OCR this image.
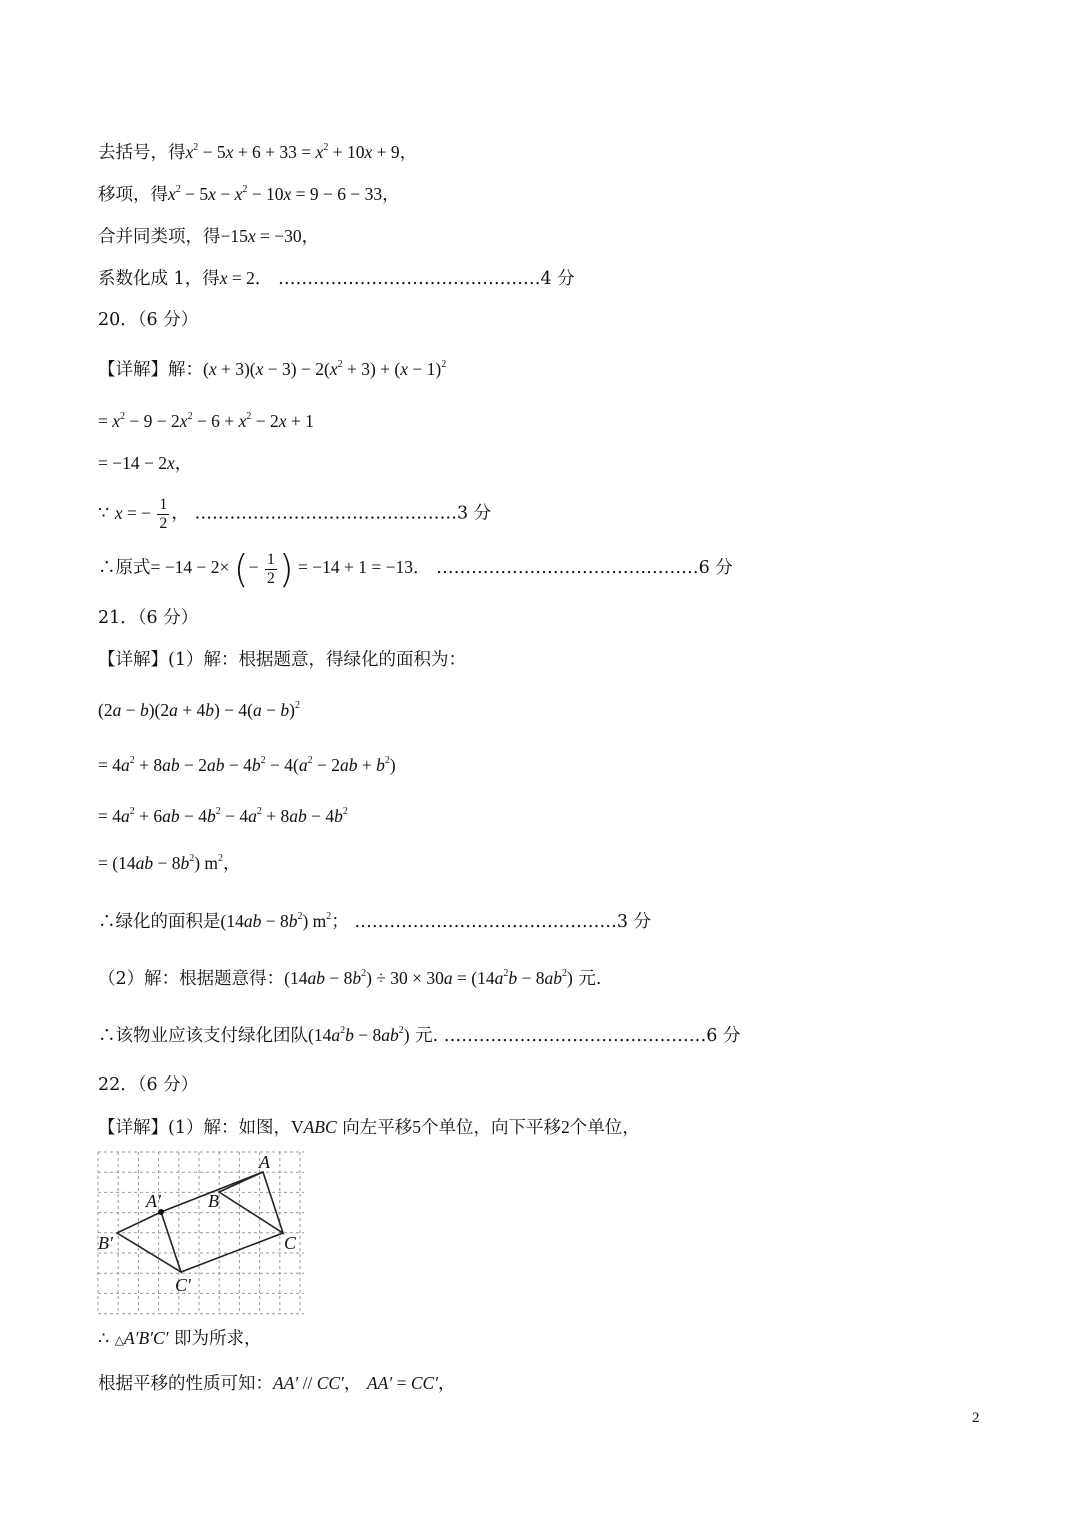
去括号，得$x^2 - 5x + 6 + 33 = x^2 + 10x + 9$，
移项，得$x^2 - 5x - x^2 - 10x = 9 - 6 - 33$，
合并同类项，得−15x = −30，
系数化成 1，得x = 2． ………………………………………4 分
20．（6 分）
【详解】解：$(x + 3)(x - 3) - 2(x^2 + 3) + (x - 1)^2$
= $x^2 - 9 - 2x^2 - 6 + x^2 - 2x + 1$
= −14 − 2x，
∵ x = − $\frac{1}{2}$ ， ………………………………………3 分
∴原式= −14 − 2× (− $\frac{1}{2}$ ) = −14 + 1 = −13． ………………………………………6 分
21．（6 分）
【详解】(1）解：根据题意，得绿化的面积为：
$(2a - b)(2a + 4b) - 4(a - b)^2$
= $4a^2 + 8ab - 2ab - 4b^2 - 4(a^2 - 2ab + b^2)$
= $4a^2 + 6ab - 4b^2 - 4a^2 + 8ab - 4b^2$
= $(14ab - 8b^2)$ $m^2$，
∴绿化的面积是$(14ab - 8b^2)$ $m^2$； ………………………………………3 分
（2）解：根据题意得：$(14ab - 8b^2) \div 30 \times 30a = (14a^2b - 8ab^2)$ 元.
∴该物业应该支付绿化团队$(14a^2b - 8ab^2)$ 元. ………………………………………6 分
22．（6 分）
【详解】(1）解：如图，VABC 向左平移5个单位，向下平移2个单位，
A
B
C
A′
B′
C′
∴ △A′B′C′ 即为所求，
根据平移的性质可知：AA′ // CC′， AA′ = CC′，
2
